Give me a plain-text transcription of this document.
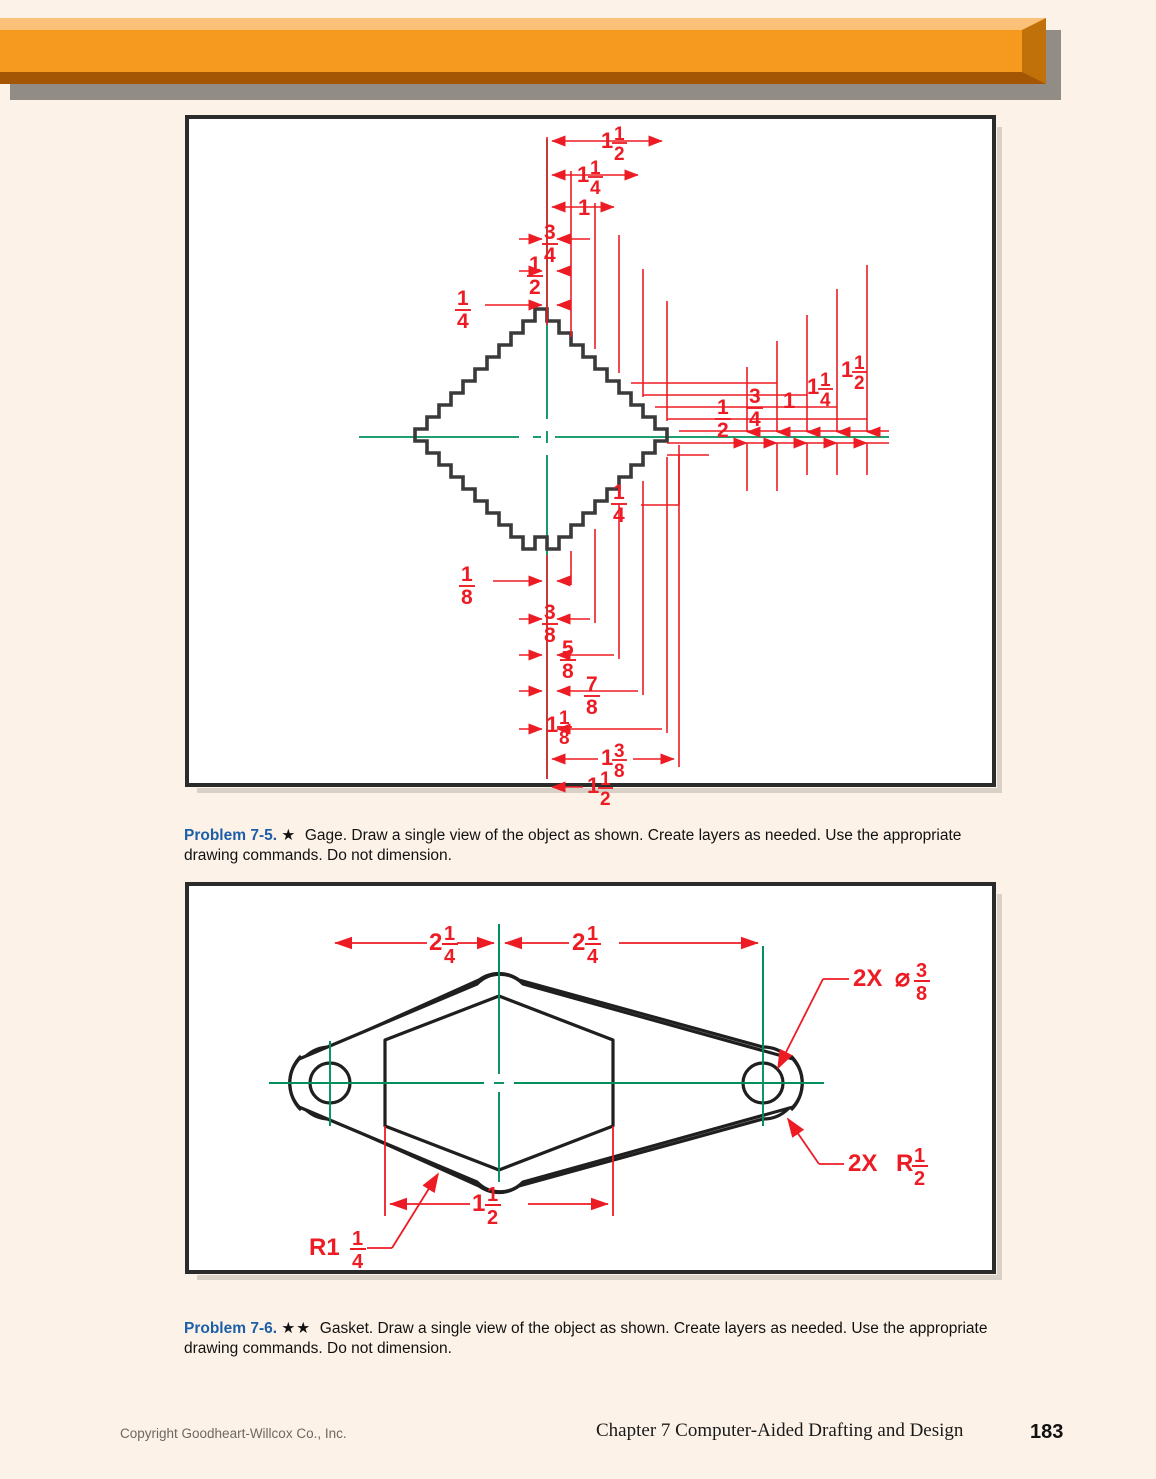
1 1
2
1 1
4
1
3
4
1
2
1
4
1
2
3
4
1
1 1
4
1 1
2
1
4
1
8
3
8
5
8
7
8
1 1
8
1 3
8
1 1
2

Problem 7-5. ★ Gage. Draw a single view of the object as shown. Create layers as needed. Use the appropriate drawing commands. Do not dimension.

2 1
4
2 1
4
1 1
2
2X ⌀ 3
8
2X R 1
2
R1 1
4

Problem 7-6. ★★ Gasket. Draw a single view of the object as shown. Create layers as needed. Use the appropriate drawing commands. Do not dimension.

Copyright Goodheart-Willcox Co., Inc.	Chapter 7 Computer-Aided Drafting and Design	183
